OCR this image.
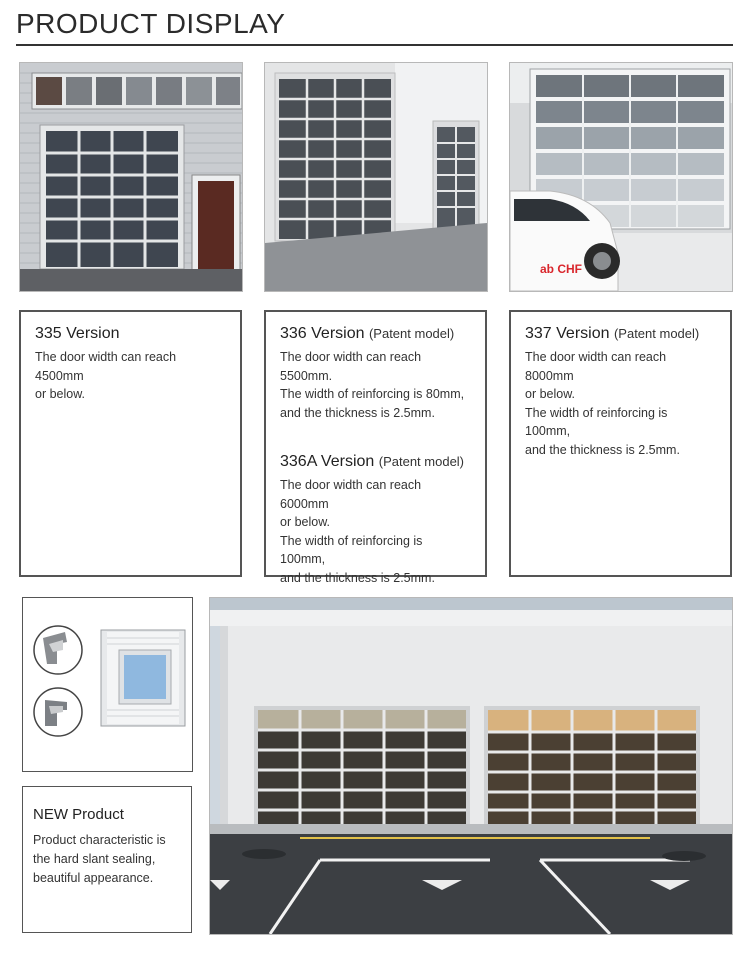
PRODUCT DISPLAY
ab CHF

335 Version

The door width can reach 4500mm
or below.

336 Version (Patent model)

The door width can reach 5500mm.
The width of reinforcing is 80mm,
and the thickness is 2.5mm.

336A Version (Patent model)

The door width can reach 6000mm
or below.
The width of reinforcing is 100mm,
and the thickness is 2.5mm.

337 Version (Patent model)

The door width can reach 8000mm
or below.
The width of reinforcing is 100mm,
and the thickness is 2.5mm.

NEW Product

Product characteristic is
the hard slant sealing,
beautiful appearance.
